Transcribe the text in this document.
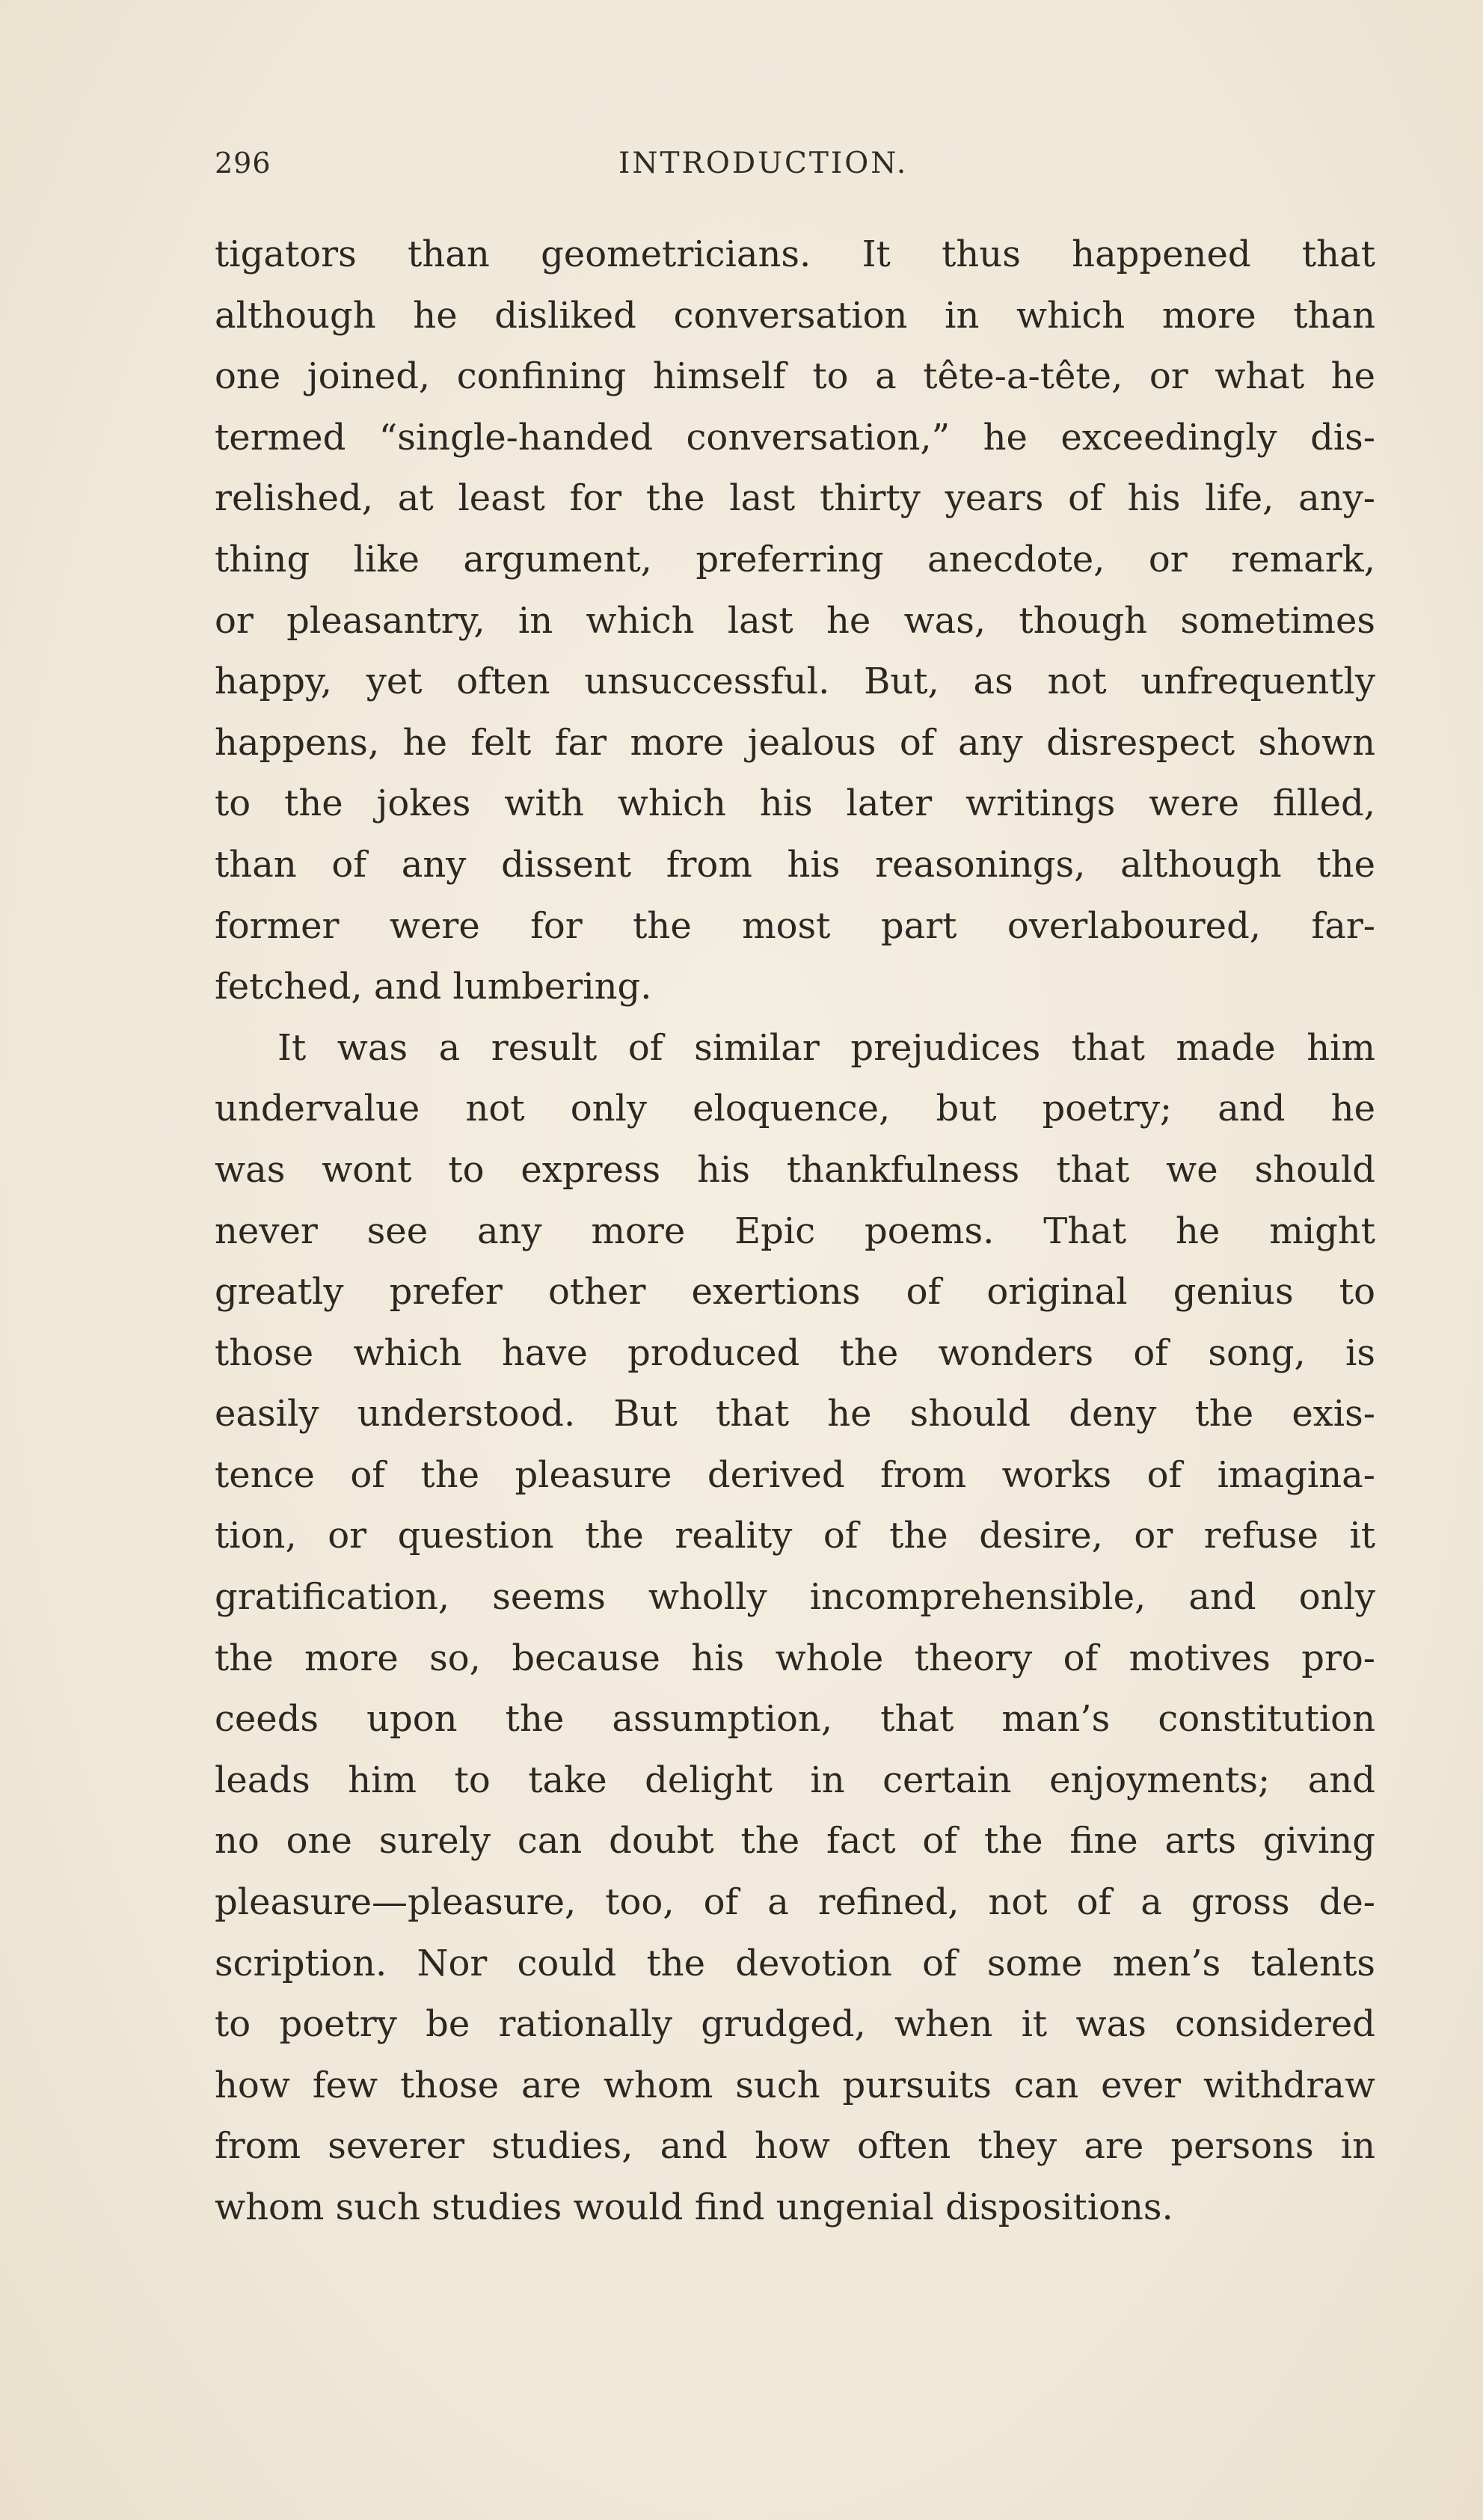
296	INTRODUCTION.
tigators than geometricians. It thus happened that
although he disliked conversation in which more than
one joined, confining himself to a tête-a-tête, or what he
termed “single-handed conversation,” he exceedingly dis-
relished, at least for the last thirty years of his life, any-
thing like argument, preferring anecdote, or remark,
or pleasantry, in which last he was, though sometimes
happy, yet often unsuccessful. But, as not unfrequently
happens, he felt far more jealous of any disrespect shown
to the jokes with which his later writings were filled,
than of any dissent from his reasonings, although the
former were for the most part overlaboured, far-
fetched, and lumbering.
It was a result of similar prejudices that made him
undervalue not only eloquence, but poetry; and he
was wont to express his thankfulness that we should
never see any more Epic poems. That he might
greatly prefer other exertions of original genius to
those which have produced the wonders of song, is
easily understood. But that he should deny the exis-
tence of the pleasure derived from works of imagina-
tion, or question the reality of the desire, or refuse it
gratification, seems wholly incomprehensible, and only
the more so, because his whole theory of motives pro-
ceeds upon the assumption, that man’s constitution
leads him to take delight in certain enjoyments; and
no one surely can doubt the fact of the fine arts giving
pleasure—pleasure, too, of a refined, not of a gross de-
scription. Nor could the devotion of some men’s talents
to poetry be rationally grudged, when it was considered
how few those are whom such pursuits can ever withdraw
from severer studies, and how often they are persons in
whom such studies would find ungenial dispositions.
